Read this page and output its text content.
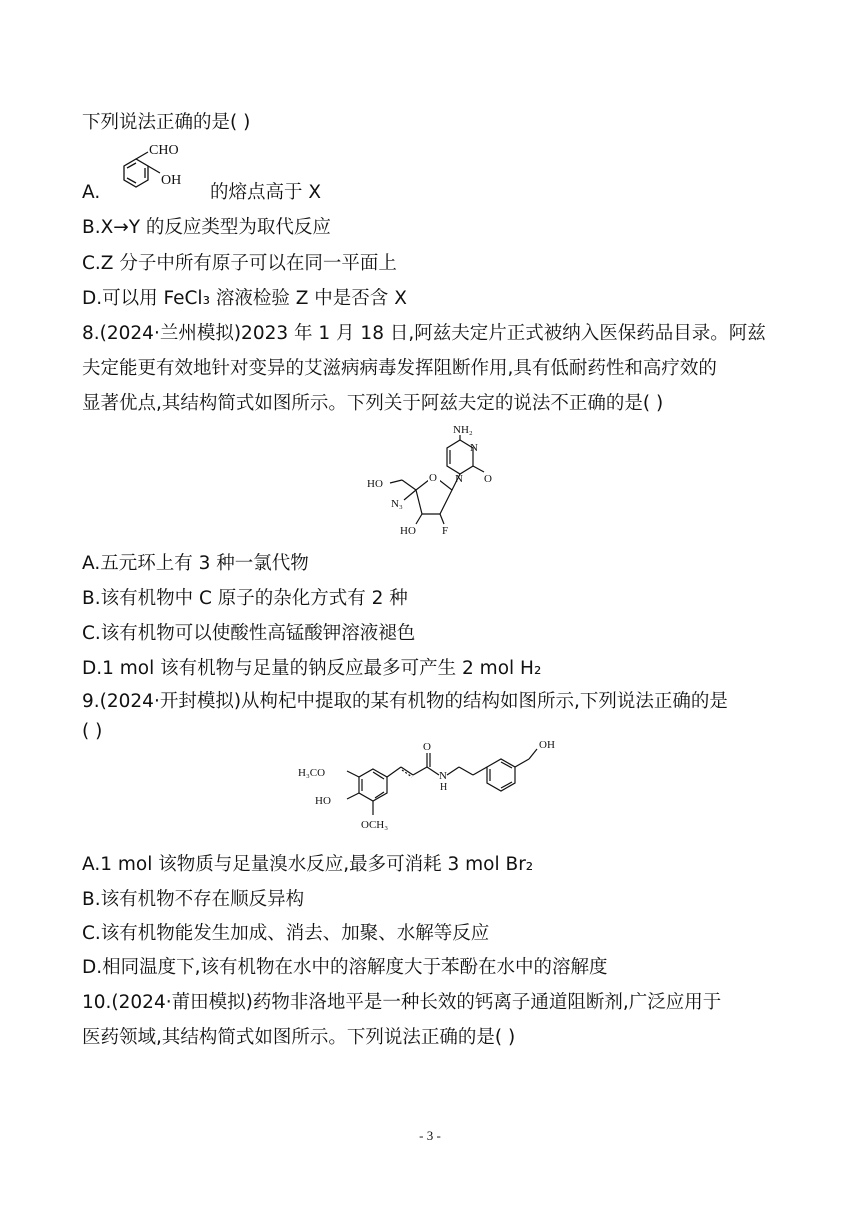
下列说法正确的是( )
A.	的熔点高于 X
CHO
OH
B.X→Y 的反应类型为取代反应
C.Z 分子中所有原子可以在同一平面上
D.可以用 FeCl₃ 溶液检验 Z 中是否含 X
8.(2024·兰州模拟)2023 年 1 月 18 日,阿兹夫定片正式被纳入医保药品目录。阿兹
夫定能更有效地针对变异的艾滋病病毒发挥阻断作用,具有低耐药性和高疗效的
显著优点,其结构简式如图所示。下列关于阿兹夫定的说法不正确的是( )
NH₂
N
N O
HO
N₃
O
HO F
A.五元环上有 3 种一氯代物
B.该有机物中 C 原子的杂化方式有 2 种
C.该有机物可以使酸性高锰酸钾溶液褪色
D.1 mol 该有机物与足量的钠反应最多可产生 2 mol H₂
9.(2024·开封模拟)从枸杞中提取的某有机物的结构如图所示,下列说法正确的是
( )
H₃CO
HO
OCH₃
O
N
H
OH
A.1 mol 该物质与足量溴水反应,最多可消耗 3 mol Br₂
B.该有机物不存在顺反异构
C.该有机物能发生加成、消去、加聚、水解等反应
D.相同温度下,该有机物在水中的溶解度大于苯酚在水中的溶解度
10.(2024·莆田模拟)药物非洛地平是一种长效的钙离子通道阻断剂,广泛应用于
医药领域,其结构简式如图所示。下列说法正确的是( )
- 3 -
